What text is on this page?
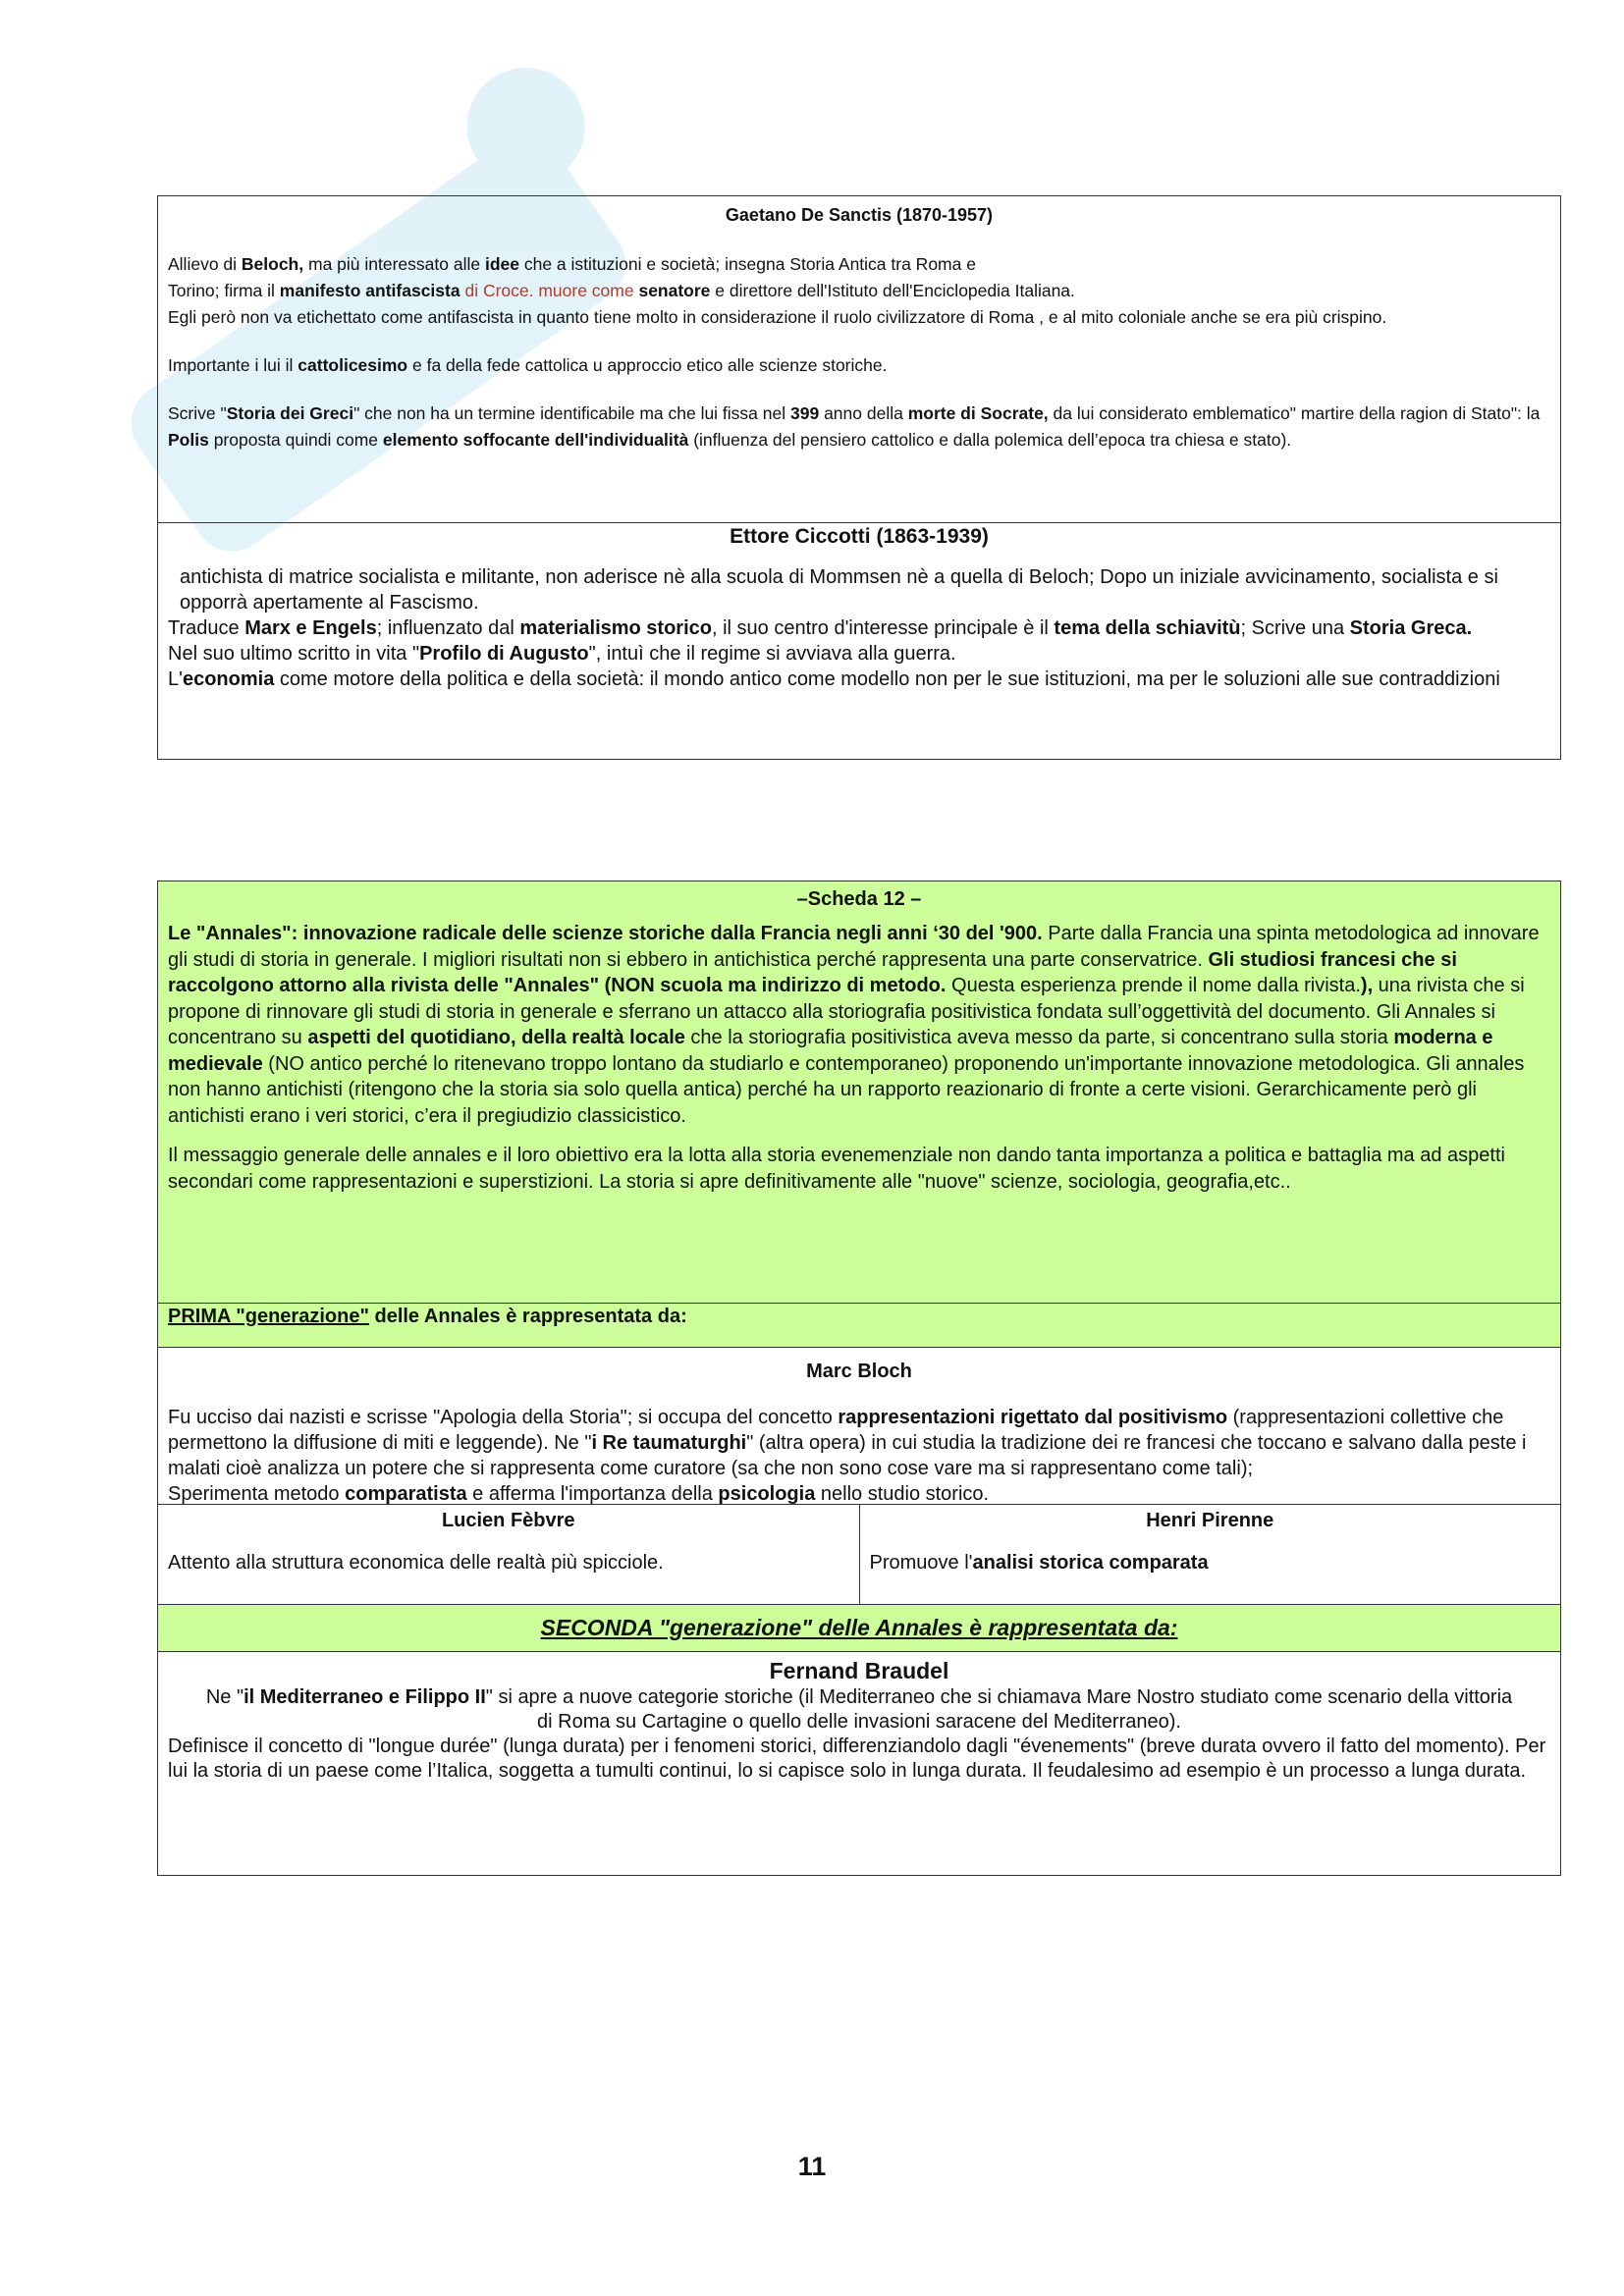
Gaetano De Sanctis (1870-1957)
Allievo di Beloch, ma più interessato alle idee che a istituzioni e società; insegna Storia Antica tra Roma e
Torino; firma il manifesto antifascista di Croce. muore come senatore e direttore dell'Istituto dell'Enciclopedia Italiana.
Egli però non va etichettato come antifascista in quanto tiene molto in considerazione il ruolo civilizzatore di Roma , e al mito coloniale anche se era più crispino.
Importante i lui il cattolicesimo e fa della fede cattolica u approccio etico alle scienze storiche.
Scrive "Storia dei Greci" che non ha un termine identificabile ma che lui fissa nel 399 anno della morte di Socrate, da lui considerato emblematico" martire della ragion di Stato": la Polis proposta quindi come elemento soffocante dell'individualità (influenza del pensiero cattolico e dalla polemica dell’epoca tra chiesa e stato).
Ettore Ciccotti (1863-1939)
antichista di matrice socialista e militante, non aderisce nè alla scuola di Mommsen nè a quella di Beloch; Dopo un iniziale avvicinamento, socialista e si opporrà apertamente al Fascismo.
Traduce Marx e Engels; influenzato dal materialismo storico, il suo centro d'interesse principale è il tema della schiavitù; Scrive una Storia Greca.
Nel suo ultimo scritto in vita "Profilo di Augusto", intuì che il regime si avviava alla guerra.
L'economia come motore della politica e della società: il mondo antico come modello non per le sue istituzioni, ma per le soluzioni alle sue contraddizioni
–Scheda 12 –
Le "Annales": innovazione radicale delle scienze storiche dalla Francia negli anni ‘30 del '900. Parte dalla Francia una spinta metodologica ad innovare gli studi di storia in generale. I migliori risultati non si ebbero in antichistica perché rappresenta una parte conservatrice. Gli studiosi francesi che si raccolgono attorno alla rivista delle "Annales" (NON scuola ma indirizzo di metodo. Questa esperienza prende il nome dalla rivista.), una rivista che si propone di rinnovare gli studi di storia in generale e sferrano un attacco alla storiografia positivistica fondata sull’oggettività del documento. Gli Annales si concentrano su aspetti del quotidiano, della realtà locale che la storiografia positivistica aveva messo da parte, si concentrano sulla storia moderna e medievale (NO antico perché lo ritenevano troppo lontano da studiarlo e contemporaneo) proponendo un'importante innovazione metodologica. Gli annales non hanno antichisti (ritengono che la storia sia solo quella antica) perché ha un rapporto reazionario di fronte a certe visioni. Gerarchicamente però gli antichisti erano i veri storici, c’era il pregiudizio classicistico.
Il messaggio generale delle annales e il loro obiettivo era la lotta alla storia evenemenziale non dando tanta importanza a politica e battaglia ma ad aspetti secondari come rappresentazioni e superstizioni. La storia si apre definitivamente alle "nuove" scienze, sociologia, geografia,etc..
PRIMA "generazione" delle Annales è rappresentata da:
Marc Bloch
Fu ucciso dai nazisti e scrisse "Apologia della Storia"; si occupa del concetto rappresentazioni rigettato dal positivismo (rappresentazioni collettive che permettono la diffusione di miti e leggende). Ne "i Re taumaturghi" (altra opera) in cui studia la tradizione dei re francesi che toccano e salvano dalla peste i malati cioè analizza un potere che si rappresenta come curatore (sa che non sono cose vare ma si rappresentano come tali);
Sperimenta metodo comparatista e afferma l'importanza della psicologia nello studio storico.
Lucien Fèbvre
Attento alla struttura economica delle realtà più spicciole.
Henri Pirenne
Promuove l'analisi storica comparata
SECONDA "generazione" delle Annales è rappresentata da:
Fernand Braudel
Ne "il Mediterraneo e Filippo II" si apre a nuove categorie storiche (il Mediterraneo che si chiamava Mare Nostro studiato come scenario della vittoria di Roma su Cartagine o quello delle invasioni saracene del Mediterraneo).
Definisce il concetto di "longue durée" (lunga durata) per i fenomeni storici, differenziandolo dagli "évenements" (breve durata ovvero il fatto del momento). Per lui la storia di un paese come l’Italica, soggetta a tumulti continui, lo si capisce solo in lunga durata. Il feudalesimo ad esempio è un processo a lunga durata.
11
